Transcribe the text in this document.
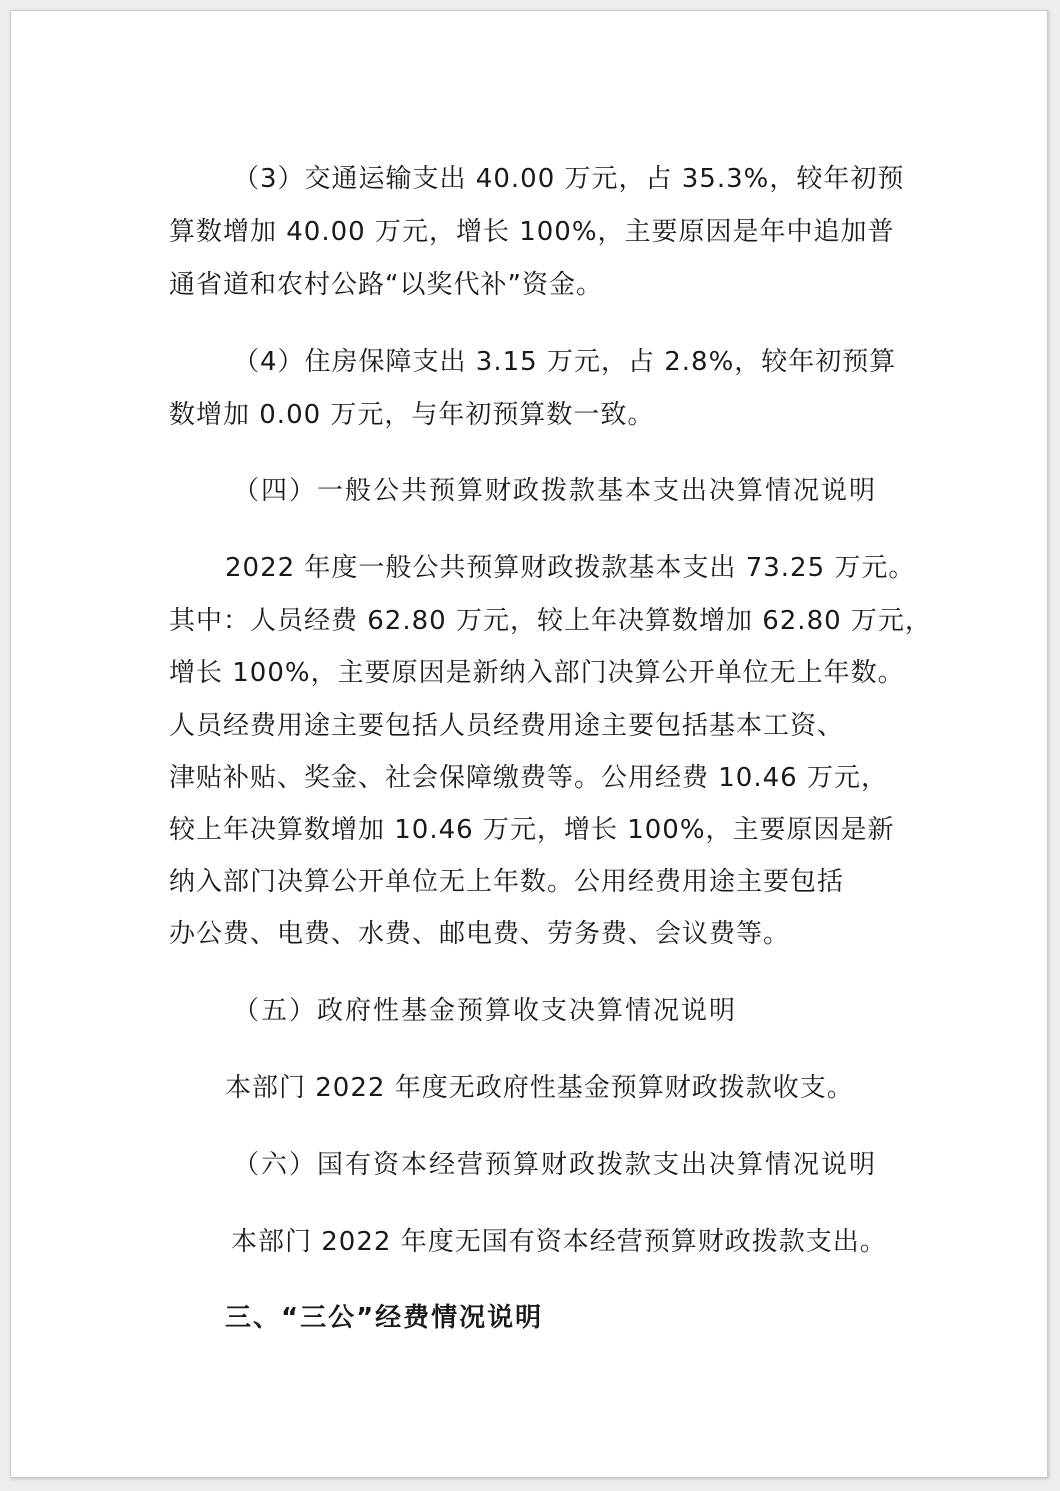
（3）交通运输支出 40.00 万元，占 35.3%，较年初预
算数增加 40.00 万元，增长 100%，主要原因是年中追加普
通省道和农村公路“以奖代补”资金。
（4）住房保障支出 3.15 万元，占 2.8%，较年初预算
数增加 0.00 万元，与年初预算数一致。
（四）一般公共预算财政拨款基本支出决算情况说明
2022 年度一般公共预算财政拨款基本支出 73.25 万元。
其中：人员经费 62.80 万元，较上年决算数增加 62.80 万元，
增长 100%，主要原因是新纳入部门决算公开单位无上年数。
人员经费用途主要包括人员经费用途主要包括基本工资、
津贴补贴、奖金、社会保障缴费等。公用经费 10.46 万元，
较上年决算数增加 10.46 万元，增长 100%，主要原因是新
纳入部门决算公开单位无上年数。公用经费用途主要包括
办公费、电费、水费、邮电费、劳务费、会议费等。
（五）政府性基金预算收支决算情况说明
本部门 2022 年度无政府性基金预算财政拨款收支。
（六）国有资本经营预算财政拨款支出决算情况说明
本部门 2022 年度无国有资本经营预算财政拨款支出。
三、“三公”经费情况说明
